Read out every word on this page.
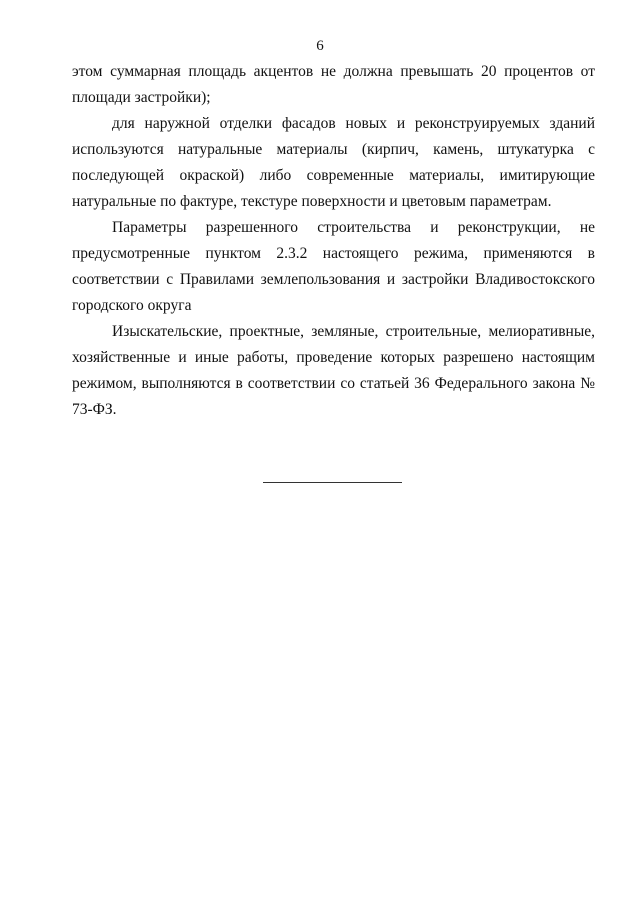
6

этом суммарная площадь акцентов не должна превышать 20 процентов от площади застройки);

для наружной отделки фасадов новых и реконструируемых зданий используются натуральные материалы (кирпич, камень, штукатурка с последующей окраской) либо современные материалы, имитирующие натуральные по фактуре, текстуре поверхности и цветовым параметрам.

Параметры разрешенного строительства и реконструкции, не предусмотренные пунктом 2.3.2 настоящего режима, применяются в соответствии с Правилами землепользования и застройки Владивостокского городского округа

Изыскательские, проектные, земляные, строительные, мелиоративные, хозяйственные и иные работы, проведение которых разрешено настоящим режимом, выполняются в соответствии со статьей 36 Федерального закона № 73-ФЗ.
